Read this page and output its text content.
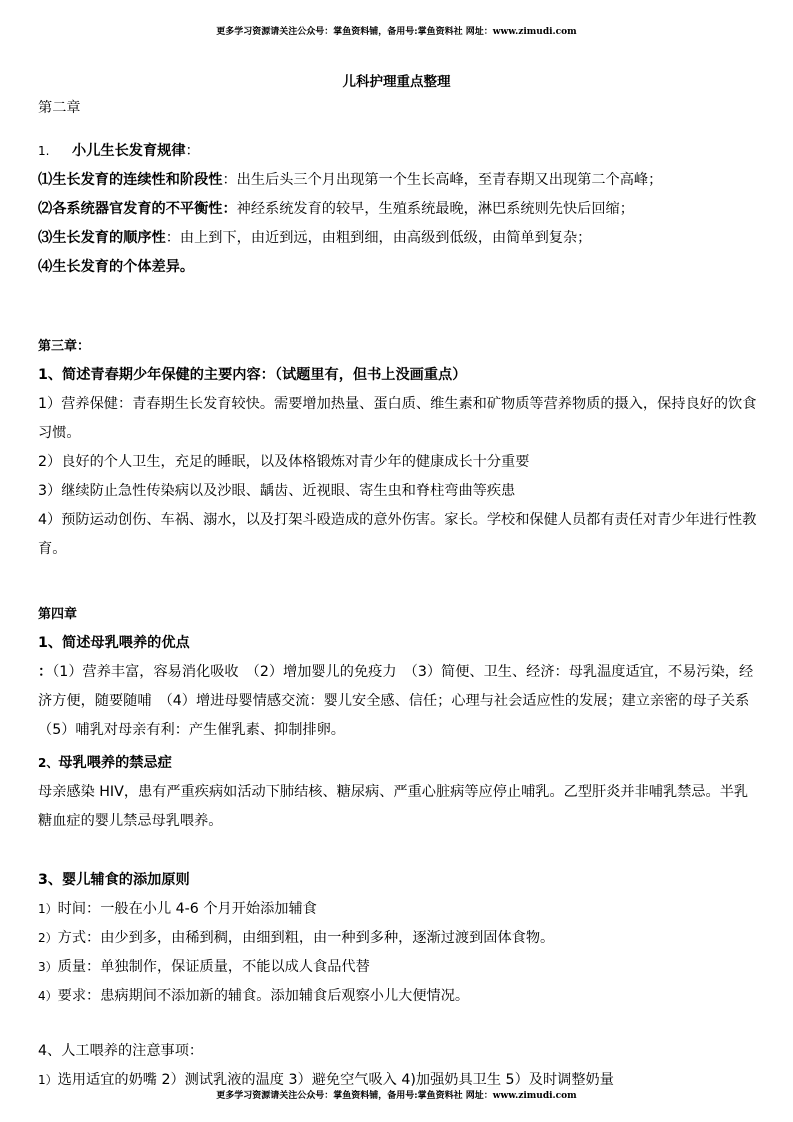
更多学习资源请关注公众号：掌鱼资料铺，备用号:掌鱼资料社 网址：www.zimudi.com
儿科护理重点整理
第二章
1. 小儿生长发育规律：
⑴生长发育的连续性和阶段性：出生后头三个月出现第一个生长高峰，至青春期又出现第二个高峰；
⑵各系统器官发育的不平衡性：神经系统发育的较早，生殖系统最晚，淋巴系统则先快后回缩；
⑶生长发育的顺序性：由上到下，由近到远，由粗到细，由高级到低级，由简单到复杂；
⑷生长发育的个体差异。
第三章：
1、简述青春期少年保健的主要内容：（试题里有，但书上没画重点）
1）营养保健：青春期生长发育较快。需要增加热量、蛋白质、维生素和矿物质等营养物质的摄入，保持良好的饮食习惯。
2）良好的个人卫生，充足的睡眠，以及体格锻炼对青少年的健康成长十分重要
3）继续防止急性传染病以及沙眼、龋齿、近视眼、寄生虫和脊柱弯曲等疾患
4）预防运动创伤、车祸、溺水，以及打架斗殴造成的意外伤害。家长。学校和保健人员都有责任对青少年进行性教育。
第四章
1、简述母乳喂养的优点
：（1）营养丰富，容易消化吸收　（2）增加婴儿的免疫力　（3）简便、卫生、经济：母乳温度适宜，不易污染，经济方便，随要随哺　（4）增进母婴情感交流：婴儿安全感、信任；心理与社会适应性的发展；建立亲密的母子关系　（5）哺乳对母亲有利：产生催乳素、抑制排卵。
2、母乳喂养的禁忌症
母亲感染 HIV，患有严重疾病如活动下肺结核、糖尿病、严重心脏病等应停止哺乳。乙型肝炎并非哺乳禁忌。半乳糖血症的婴儿禁忌母乳喂养。
3、婴儿辅食的添加原则
1）时间：一般在小儿 4-6 个月开始添加辅食
2）方式：由少到多，由稀到稠，由细到粗，由一种到多种，逐渐过渡到固体食物。
3）质量：单独制作，保证质量，不能以成人食品代替
4）要求：患病期间不添加新的辅食。添加辅食后观察小儿大便情况。
4、人工喂养的注意事项：
1）选用适宜的奶嘴 2）测试乳液的温度 3）避免空气吸入 4)加强奶具卫生 5）及时调整奶量
更多学习资源请关注公众号：掌鱼资料铺，备用号:掌鱼资料社 网址：www.zimudi.com
